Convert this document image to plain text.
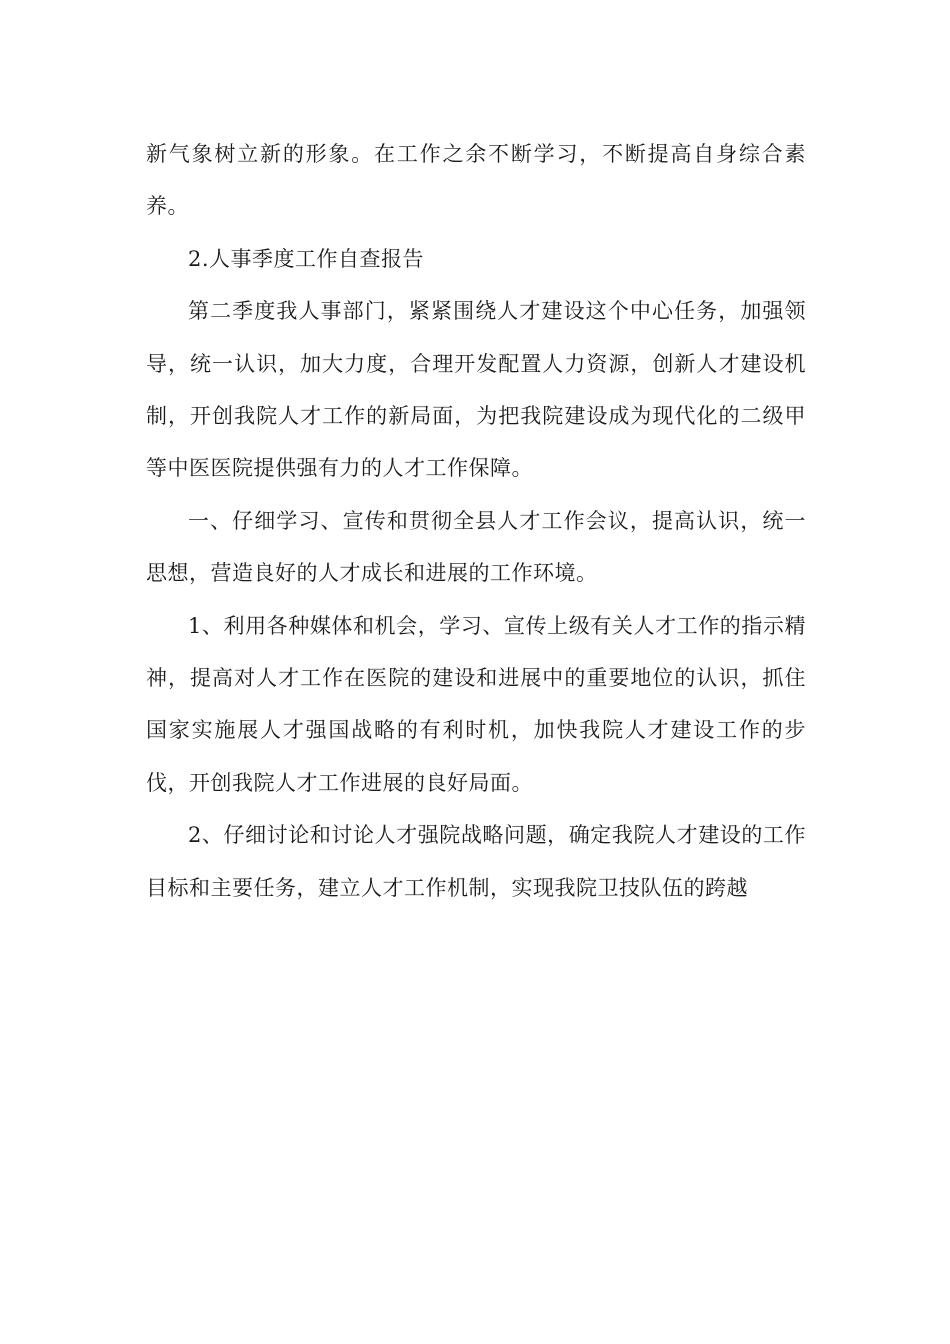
新气象树立新的形象。在工作之余不断学习，不断提高自身综合素养。

2.人事季度工作自查报告

第二季度我人事部门，紧紧围绕人才建设这个中心任务，加强领导，统一认识，加大力度，合理开发配置人力资源，创新人才建设机制，开创我院人才工作的新局面，为把我院建设成为现代化的二级甲等中医医院提供强有力的人才工作保障。

一、仔细学习、宣传和贯彻全县人才工作会议，提高认识，统一思想，营造良好的人才成长和进展的工作环境。

1、利用各种媒体和机会，学习、宣传上级有关人才工作的指示精神，提高对人才工作在医院的建设和进展中的重要地位的认识，抓住国家实施展人才强国战略的有利时机，加快我院人才建设工作的步伐，开创我院人才工作进展的良好局面。

2、仔细讨论和讨论人才强院战略问题，确定我院人才建设的工作目标和主要任务，建立人才工作机制，实现我院卫技队伍的跨越
